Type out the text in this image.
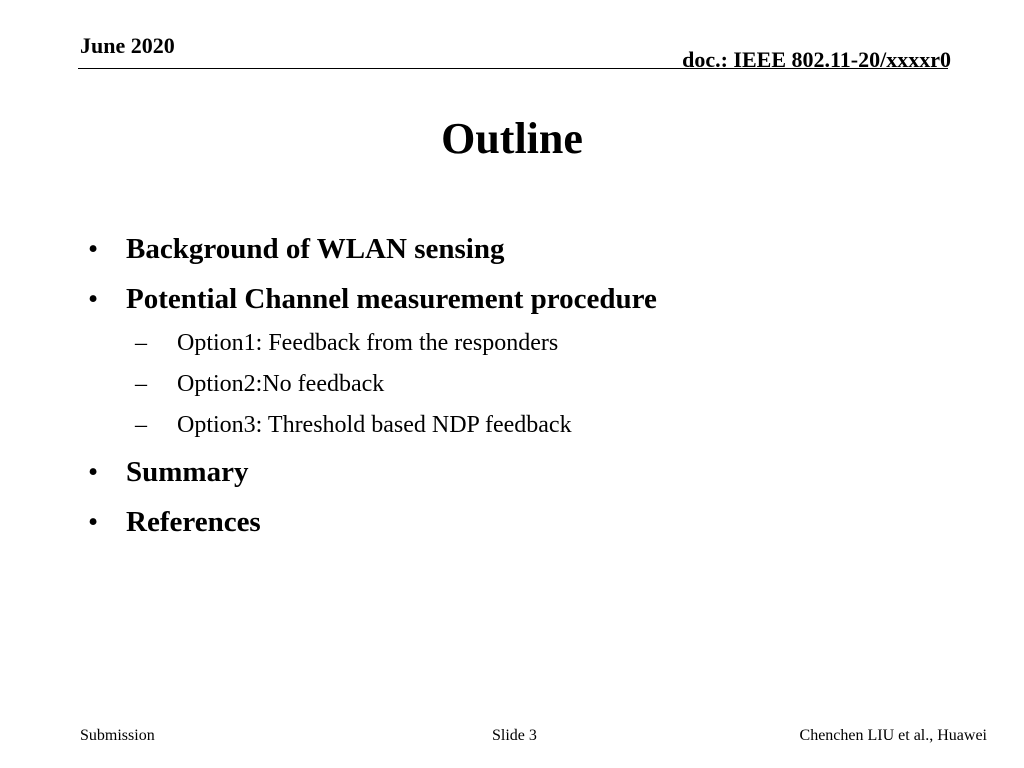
June 2020
doc.: IEEE 802.11-20/xxxxr0
Outline
• Background of WLAN sensing
• Potential Channel measurement procedure
–	Option1: Feedback from the responders
–	Option2:No feedback
–	Option3: Threshold based NDP feedback
• Summary
• References
Submission	Slide 3	Chenchen LIU et al., Huawei
